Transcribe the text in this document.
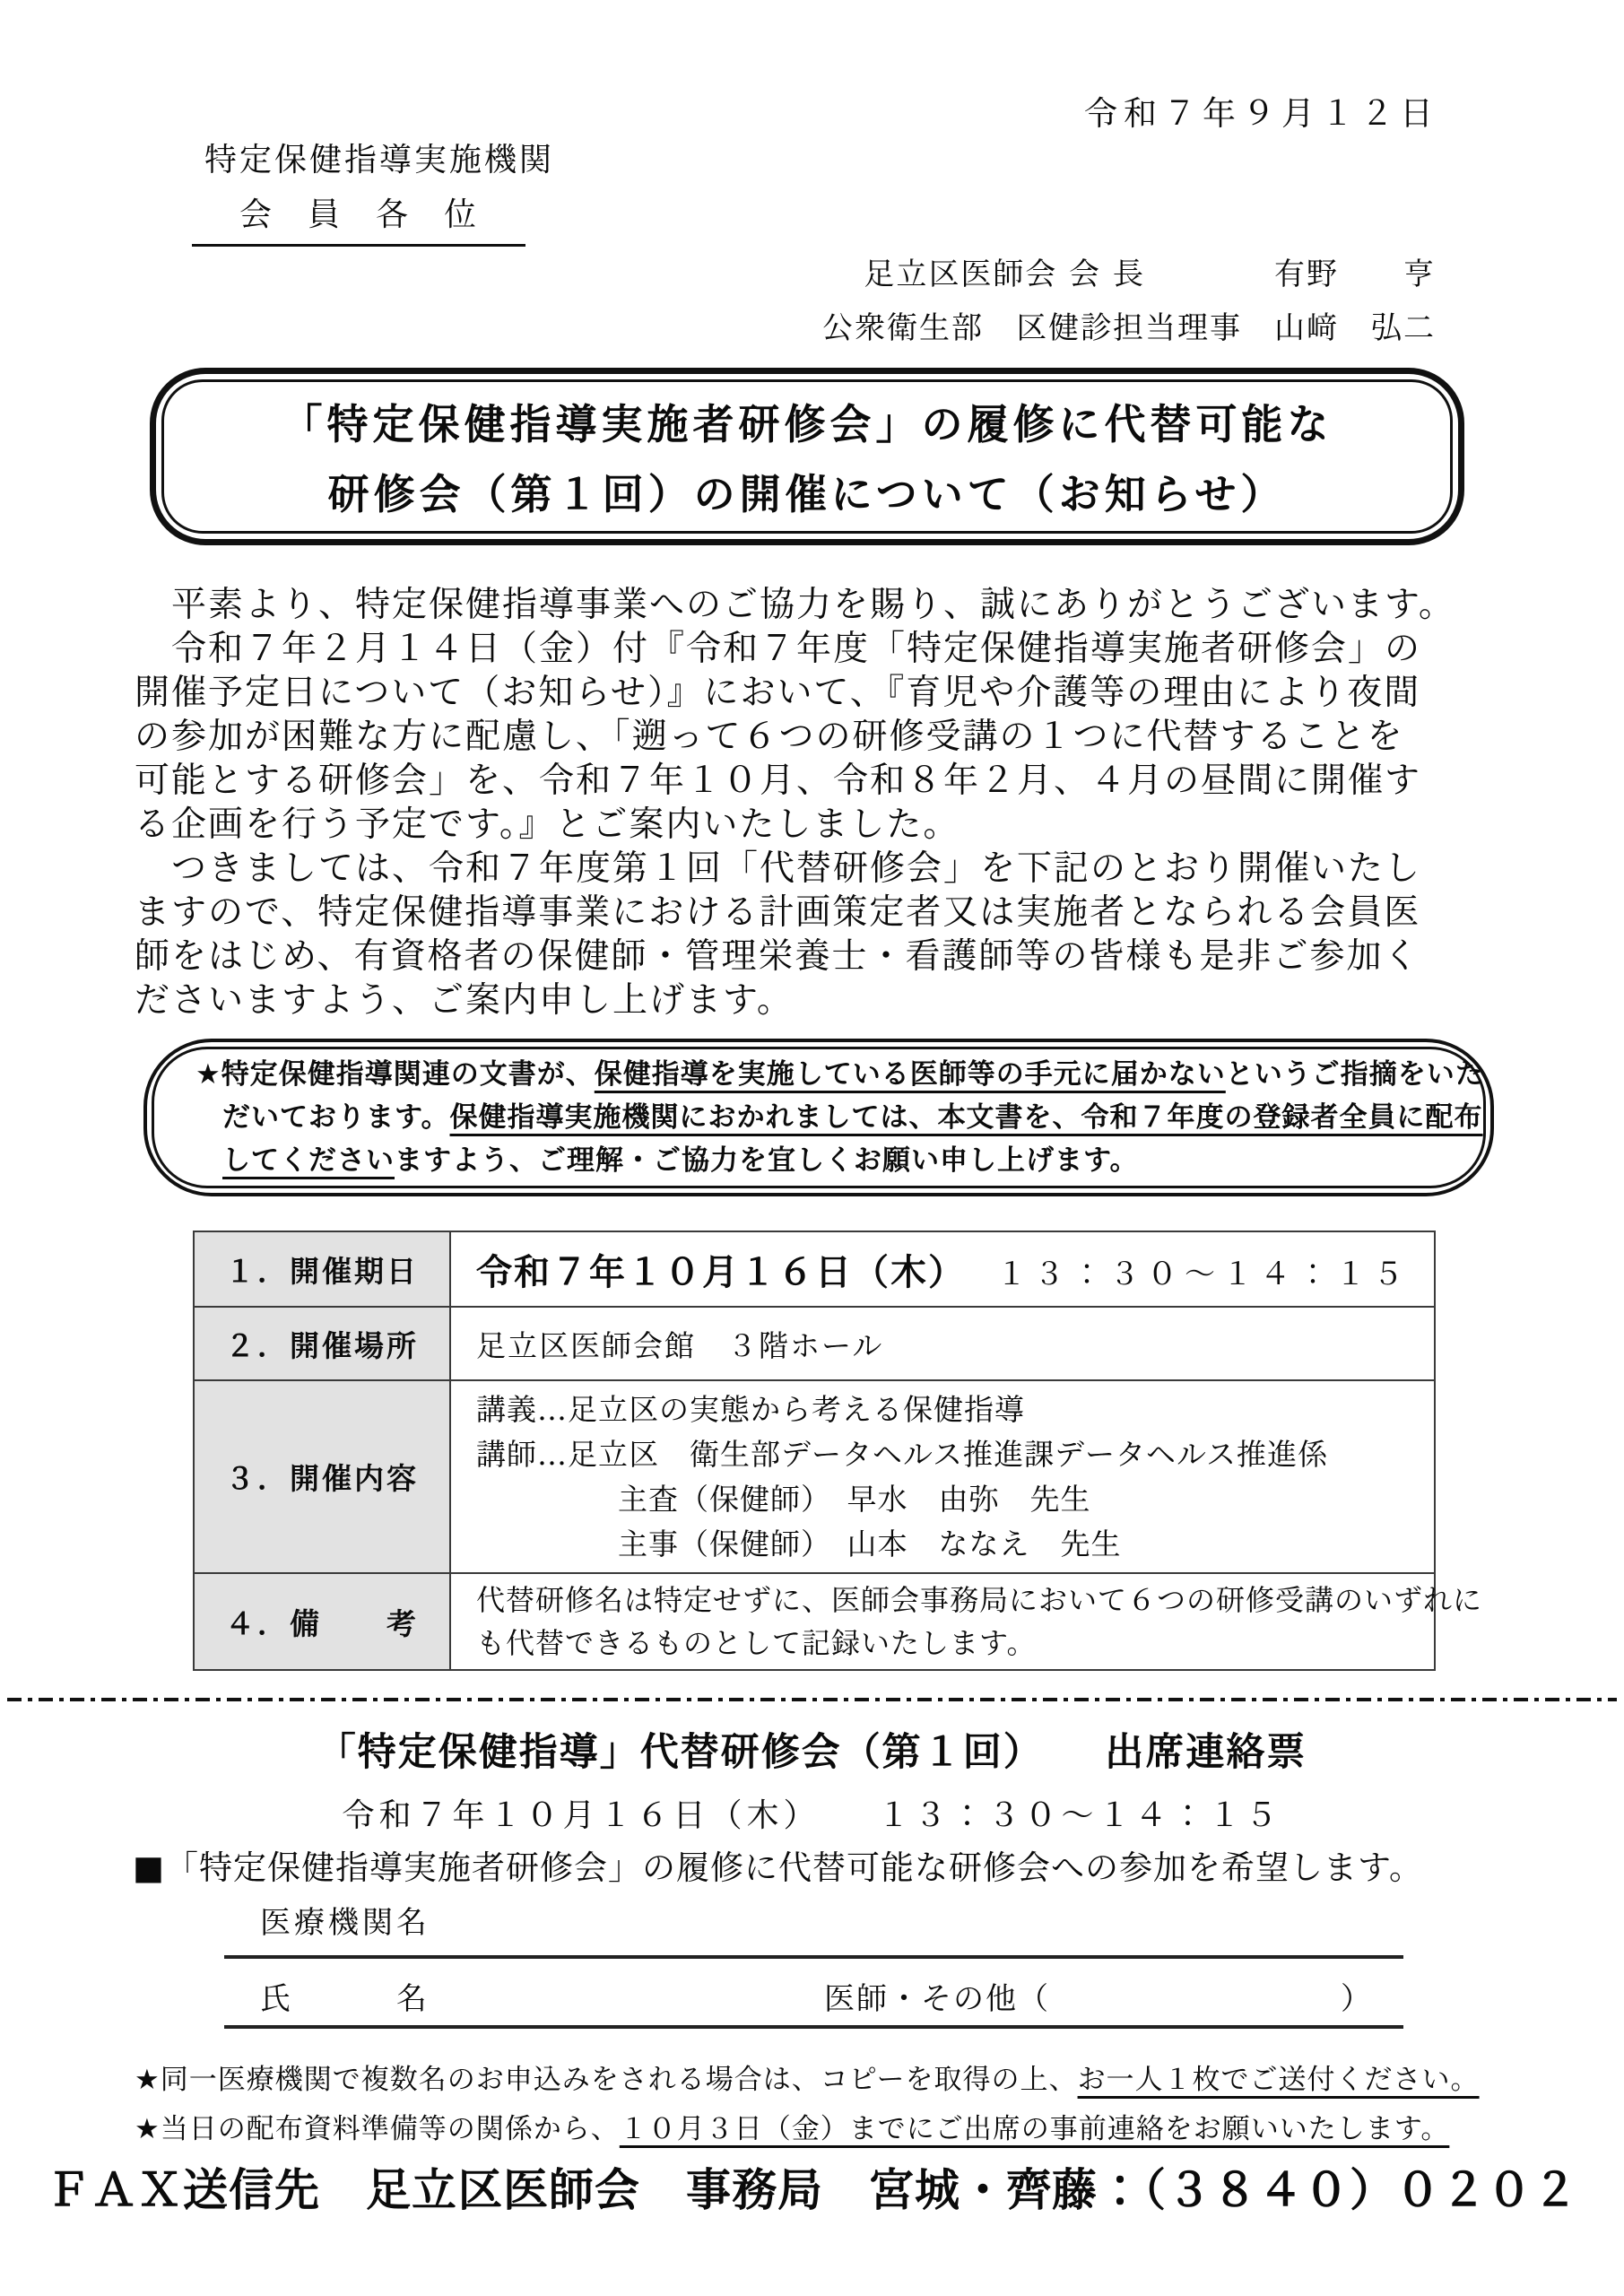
令和７年９月１２日
特定保健指導実施機関
会　員　各　位
足立区医師会 会 長　　　　有野　　亨
公衆衛生部　区健診担当理事　山﨑　弘二
「特定保健指導実施者研修会」の履修に代替可能な
研修会（第１回）の開催について（お知らせ）
　平素より、特定保健指導事業へのご協力を賜り、誠にありがとうございます。
　令和７年２月１４日（金）付『令和７年度「特定保健指導実施者研修会」の
開催予定日について（お知らせ）』において、『育児や介護等の理由により夜間
の参加が困難な方に配慮し、「遡って６つの研修受講の１つに代替することを
可能とする研修会」を、令和７年１０月、令和８年２月、４月の昼間に開催す
る企画を行う予定です。』とご案内いたしました。
　つきましては、令和７年度第１回「代替研修会」を下記のとおり開催いたし
ますので、特定保健指導事業における計画策定者又は実施者となられる会員医
師をはじめ、有資格者の保健師・管理栄養士・看護師等の皆様も是非ご参加く
ださいますよう、ご案内申し上げます。
★特定保健指導関連の文書が、保健指導を実施している医師等の手元に届かないというご指摘をいた
だいております。保健指導実施機関におかれましては、本文書を、令和７年度の登録者全員に配布
してくださいますよう、ご理解・ご協力を宜しくお願い申し上げます。
１．開催期日	令和７年１０月１６日（木） １３：３０～１４：１５
２．開催場所	足立区医師会館　３階ホール
３．開催内容	講義…足立区の実態から考える保健指導
講師…足立区　衛生部データヘルス推進課データヘルス推進係
主査（保健師）　早水　由弥　先生
主事（保健師）　山本　ななえ　先生

４．備　　考	代替研修名は特定せずに、医師会事務局において６つの研修受講のいずれに
も代替できるものとして記録いたします。
「特定保健指導」代替研修会（第１回）　　出席連絡票
令和７年１０月１６日（木）　　１３：３０～１４：１５
■「特定保健指導実施者研修会」の履修に代替可能な研修会への参加を希望します。
医療機関名
氏　　　名	医師・その他（　　　　　　　　　）
★同一医療機関で複数名のお申込みをされる場合は、コピーを取得の上、お一人１枚でご送付ください。
★当日の配布資料準備等の関係から、１０月３日（金）までにご出席の事前連絡をお願いいたします。
ＦＡＸ送信先　足立区医師会　事務局　宮城・齊藤：（３８４０）０２０２
